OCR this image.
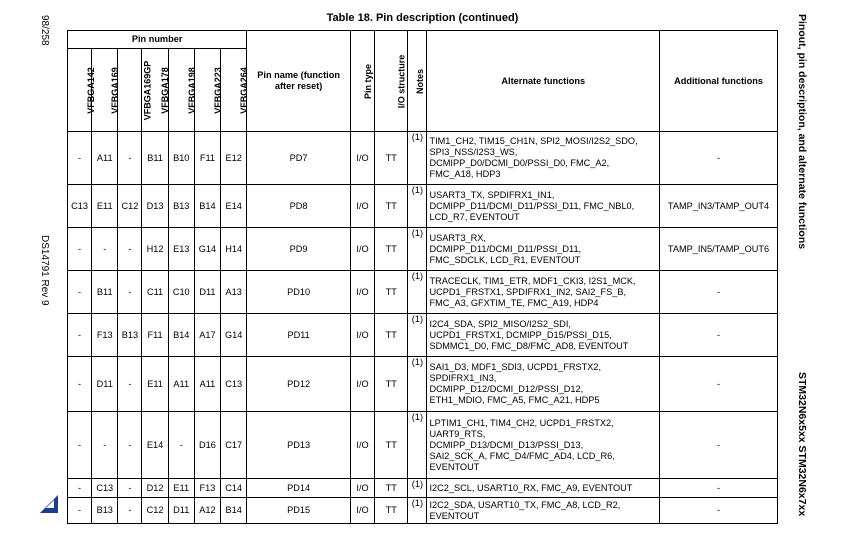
98/258
DS14791 Rev 9
Pinout, pin description, and alternate functions
STM32N6x5xx STM32N6x7xx
Table 18. Pin description (continued)
Pin number							Pin name (function after reset)	Pin type	I/O structure	Notes	Alternate functions	Additional functions
VFBGA142	VFBGA169	VFBGA169GP	VFBGA178	VFBGA198	VFBGA223	VFBGA264						
-	A11	-	B11	B10	F11	E12	PD7	I/O	TT	(1)	TIM1_CH2, TIM15_CH1N, SPI2_MOSI/I2S2_SDO,
SPI3_NSS/I2S3_WS,
DCMIPP_D0/DCMI_D0/PSSI_D0, FMC_A2,
FMC_A18, HDP3	-
C13	E11	C12	D13	B13	B14	E14	PD8	I/O	TT	(1)	USART3_TX, SPDIFRX1_IN1,
DCMIPP_D11/DCMI_D11/PSSI_D11, FMC_NBL0,
LCD_R7, EVENTOUT	TAMP_IN3/TAMP_OUT4
-	-	-	H12	E13	G14	H14	PD9	I/O	TT	(1)	USART3_RX,
DCMIPP_D11/DCMI_D11/PSSI_D11,
FMC_SDCLK, LCD_R1, EVENTOUT	TAMP_IN5/TAMP_OUT6
-	B11	-	C11	C10	D11	A13	PD10	I/O	TT	(1)	TRACECLK, TIM1_ETR, MDF1_CKI3, I2S1_MCK,
UCPD1_FRSTX1, SPDIFRX1_IN2, SAI2_FS_B,
FMC_A3, GFXTIM_TE, FMC_A19, HDP4	-
-	F13	B13	F11	B14	A17	G14	PD11	I/O	TT	(1)	I2C4_SDA, SPI2_MISO/I2S2_SDI,
UCPD1_FRSTX1, DCMIPP_D15/PSSI_D15,
SDMMC1_D0, FMC_D8/FMC_AD8, EVENTOUT	-
-	D11	-	E11	A11	A11	C13	PD12	I/O	TT	(1)	SAI1_D3, MDF1_SDI3, UCPD1_FRSTX2,
SPDIFRX1_IN3,
DCMIPP_D12/DCMI_D12/PSSI_D12,
ETH1_MDIO, FMC_A5, FMC_A21, HDP5	-
-	-	-	E14	-	D16	C17	PD13	I/O	TT	(1)	LPTIM1_CH1, TIM4_CH2, UCPD1_FRSTX2,
UART9_RTS,
DCMIPP_D13/DCMI_D13/PSSI_D13,
SAI2_SCK_A, FMC_D4/FMC_AD4, LCD_R6,
EVENTOUT	-
-	C13	-	D12	E11	F13	C14	PD14	I/O	TT	(1)	I2C2_SCL, USART10_RX, FMC_A9, EVENTOUT	-
-	B13	-	C12	D11	A12	B14	PD15	I/O	TT	(1)	I2C2_SDA, USART10_TX, FMC_A8, LCD_R2,
EVENTOUT	-
